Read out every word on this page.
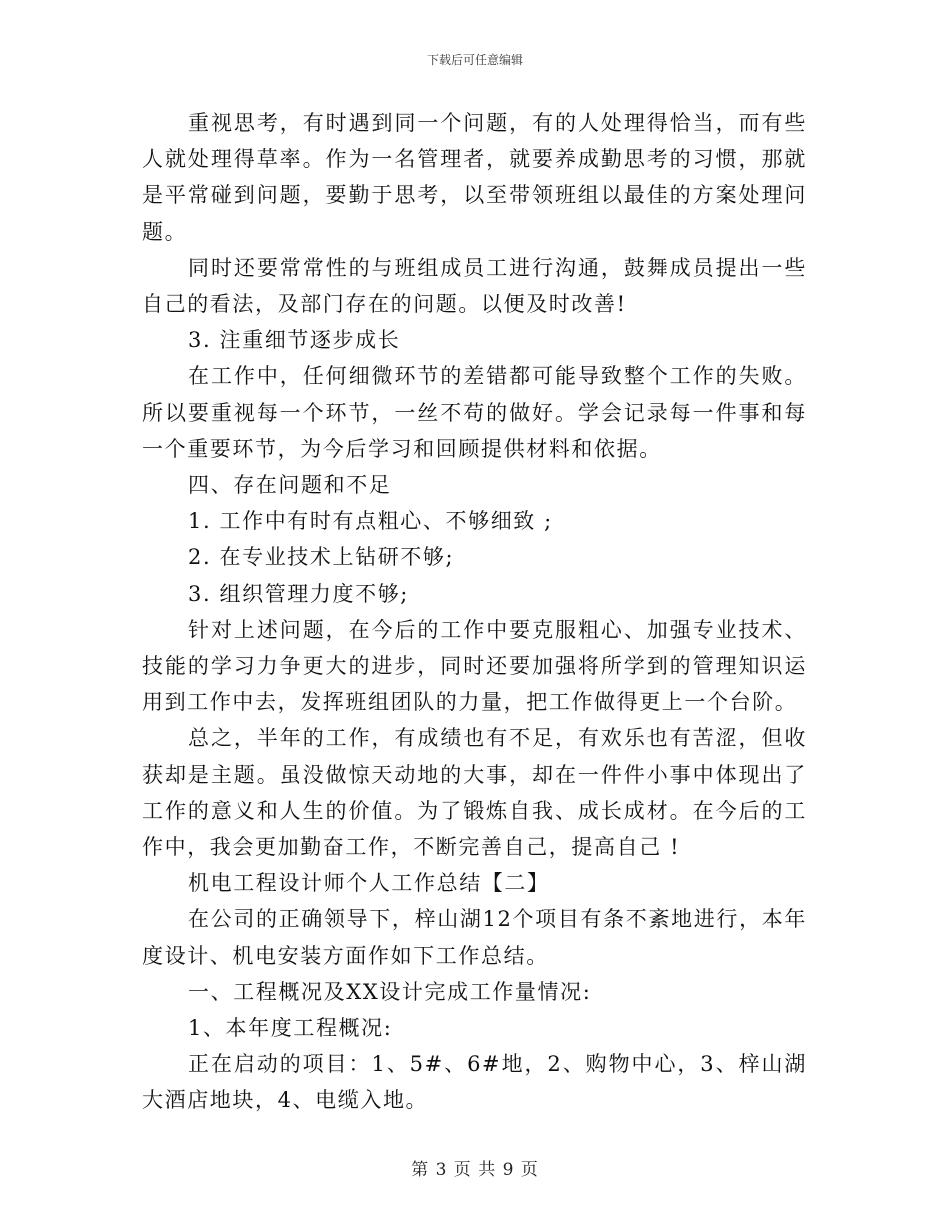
下载后可任意编辑

重视思考，有时遇到同一个问题，有的人处理得恰当，而有些人就处理得草率。作为一名管理者，就要养成勤思考的习惯，那就是平常碰到问题，要勤于思考，以至带领班组以最佳的方案处理问题。

同时还要常常性的与班组成员工进行沟通，鼓舞成员提出一些自己的看法，及部门存在的问题。以便及时改善!

3. 注重细节逐步成长

在工作中，任何细微环节的差错都可能导致整个工作的失败。所以要重视每一个环节，一丝不苟的做好。学会记录每一件事和每一个重要环节，为今后学习和回顾提供材料和依据。

四、存在问题和不足

1. 工作中有时有点粗心、不够细致 ;

2. 在专业技术上钻研不够;

3. 组织管理力度不够;

针对上述问题，在今后的工作中要克服粗心、加强专业技术、技能的学习力争更大的进步，同时还要加强将所学到的管理知识运用到工作中去，发挥班组团队的力量，把工作做得更上一个台阶。

总之，半年的工作，有成绩也有不足，有欢乐也有苦涩，但收获却是主题。虽没做惊天动地的大事，却在一件件小事中体现出了工作的意义和人生的价值。为了锻炼自我、成长成材。在今后的工作中，我会更加勤奋工作，不断完善自己，提高自己 !

机电工程设计师个人工作总结【二】

在公司的正确领导下，梓山湖12个项目有条不紊地进行，本年度设计、机电安装方面作如下工作总结。

一、工程概况及XX设计完成工作量情况:

1、本年度工程概况:

正在启动的项目：1、5#、6#地，2、购物中心，3、梓山湖大酒店地块，4、电缆入地。

第 3 页 共 9 页
